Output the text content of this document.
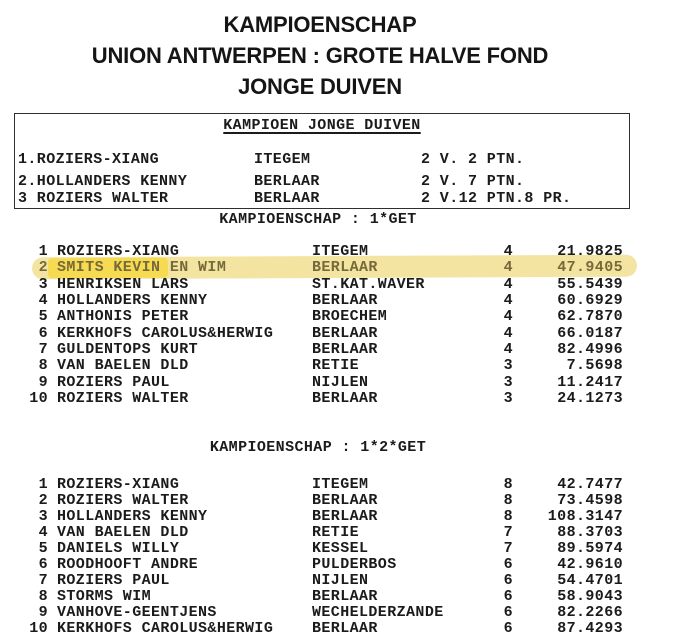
KAMPIOENSCHAP
UNION ANTWERPEN : GROTE HALVE FOND
JONGE DUIVEN
KAMPIOEN JONGE DUIVEN
1.ROZIERS-XIANG	ITEGEM	2 V. 2 PTN.
2.HOLLANDERS KENNY	BERLAAR	2 V. 7 PTN.
3 ROZIERS WALTER	BERLAAR	2 V.12 PTN.8 PR.
KAMPIOENSCHAP : 1*GET
1 ROZIERS-XIANG	ITEGEM	4	21.9825
2 SMITS KEVIN EN WIM	BERLAAR	4	47.9405
3 HENRIKSEN LARS	ST.KAT.WAVER	4	55.5439
4 HOLLANDERS KENNY	BERLAAR	4	60.6929
5 ANTHONIS PETER	BROECHEM	4	62.7870
6 KERKHOFS CAROLUS&HERWIG	BERLAAR	4	66.0187
7 GULDENTOPS KURT	BERLAAR	4	82.4996
8 VAN BAELEN DLD	RETIE	3	7.5698
9 ROZIERS PAUL	NIJLEN	3	11.2417
10 ROZIERS WALTER	BERLAAR	3	24.1273
KAMPIOENSCHAP : 1*2*GET
1 ROZIERS-XIANG	ITEGEM	8	42.7477
2 ROZIERS WALTER	BERLAAR	8	73.4598
3 HOLLANDERS KENNY	BERLAAR	8	108.3147
4 VAN BAELEN DLD	RETIE	7	88.3703
5 DANIELS WILLY	KESSEL	7	89.5974
6 ROODHOOFT ANDRE	PULDERBOS	6	42.9610
7 ROZIERS PAUL	NIJLEN	6	54.4701
8 STORMS WIM	BERLAAR	6	58.9043
9 VANHOVE-GEENTJENS	WECHELDERZANDE	6	82.2266
10 KERKHOFS CAROLUS&HERWIG	BERLAAR	6	87.4293
